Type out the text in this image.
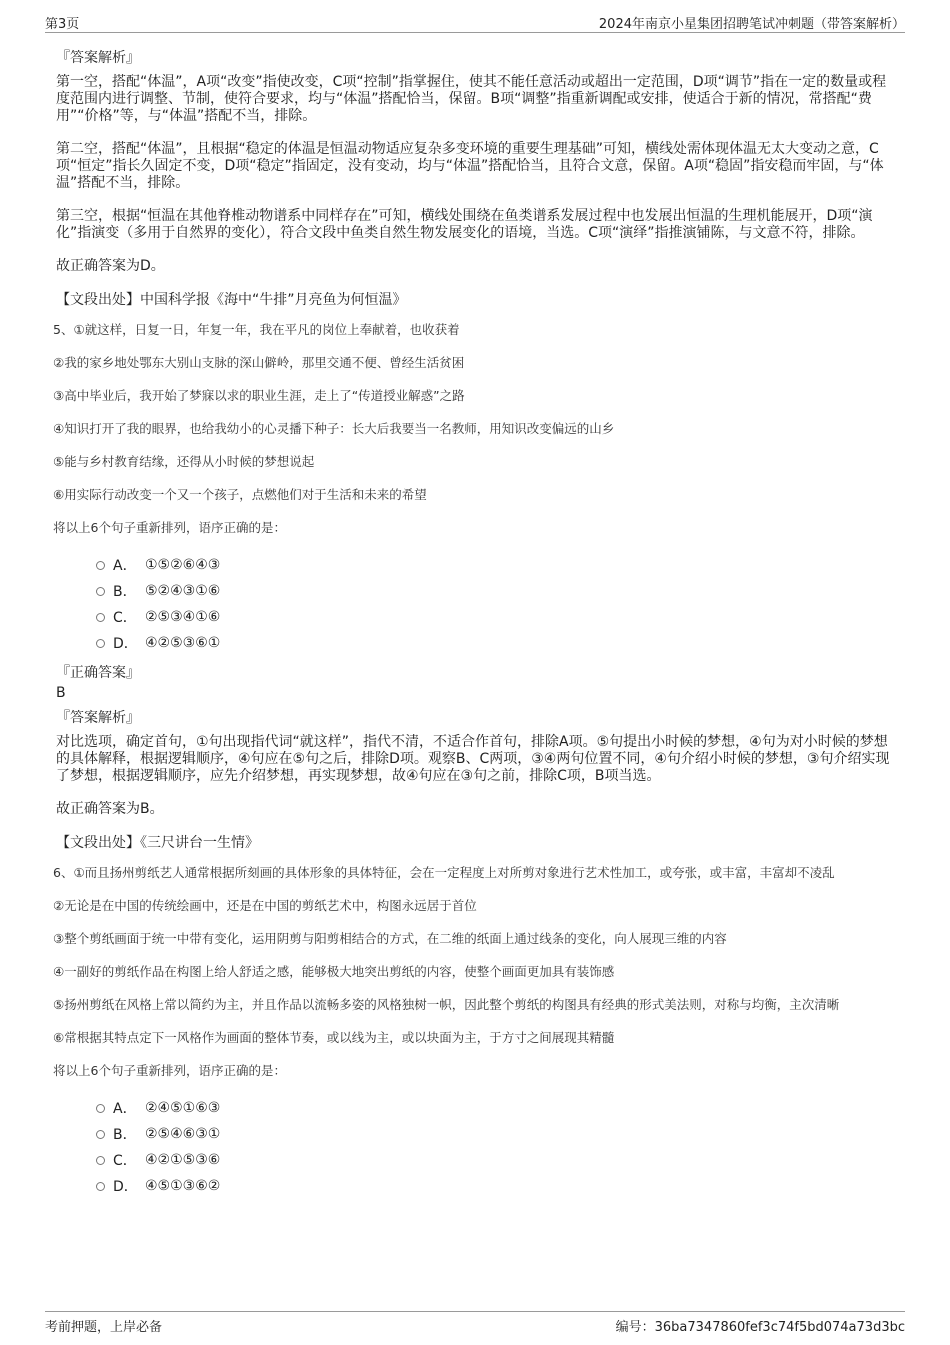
第3页	2024年南京小星集团招聘笔试冲刺题（带答案解析）
『答案解析』

第一空，搭配“体温”，A项“改变”指使改变，C项“控制”指掌握住，使其不能任意活动或超出一定范围，D项“调节”指在一定的数量或程度范围内进行调整、节制，使符合要求，均与“体温”搭配恰当，保留。B项“调整”指重新调配或安排，使适合于新的情况，常搭配“费用”“价格”等，与“体温”搭配不当，排除。

第二空，搭配“体温”，且根据“稳定的体温是恒温动物适应复杂多变环境的重要生理基础”可知，横线处需体现体温无太大变动之意，C项“恒定”指长久固定不变，D项“稳定”指固定，没有变动，均与“体温”搭配恰当，且符合文意，保留。A项“稳固”指安稳而牢固，与“体温”搭配不当，排除。

第三空，根据“恒温在其他脊椎动物谱系中同样存在”可知，横线处围绕在鱼类谱系发展过程中也发展出恒温的生理机能展开，D项“演化”指演变（多用于自然界的变化），符合文段中鱼类自然生物发展变化的语境，当选。C项“演绎”指推演铺陈，与文意不符，排除。

故正确答案为D。

【文段出处】中国科学报《海中“牛排”月亮鱼为何恒温》

5、①就这样，日复一日，年复一年，我在平凡的岗位上奉献着，也收获着

②我的家乡地处鄂东大别山支脉的深山僻岭，那里交通不便、曾经生活贫困

③高中毕业后，我开始了梦寐以求的职业生涯，走上了“传道授业解惑”之路

④知识打开了我的眼界，也给我幼小的心灵播下种子：长大后我要当一名教师，用知识改变偏远的山乡

⑤能与乡村教育结缘，还得从小时候的梦想说起

⑥用实际行动改变一个又一个孩子，点燃他们对于生活和未来的希望

将以上6个句子重新排列，语序正确的是：

A． ①⑤②⑥④③
B． ⑤②④③①⑥
C． ②⑤③④①⑥
D． ④②⑤③⑥①
『正确答案』
B
『答案解析』

对比选项，确定首句，①句出现指代词“就这样”，指代不清，不适合作首句，排除A项。⑤句提出小时候的梦想，④句为对小时候的梦想的具体解释，根据逻辑顺序，④句应在⑤句之后，排除D项。观察B、C两项，③④两句位置不同，④句介绍小时候的梦想，③句介绍实现了梦想，根据逻辑顺序，应先介绍梦想，再实现梦想，故④句应在③句之前，排除C项，B项当选。

故正确答案为B。

【文段出处】《三尺讲台一生情》

6、①而且扬州剪纸艺人通常根据所刻画的具体形象的具体特征，会在一定程度上对所剪对象进行艺术性加工，或夸张，或丰富，丰富却不凌乱

②无论是在中国的传统绘画中，还是在中国的剪纸艺术中，构图永远居于首位

③整个剪纸画面于统一中带有变化，运用阴剪与阳剪相结合的方式，在二维的纸面上通过线条的变化，向人展现三维的内容

④一副好的剪纸作品在构图上给人舒适之感，能够极大地突出剪纸的内容，使整个画面更加具有装饰感

⑤扬州剪纸在风格上常以简约为主，并且作品以流畅多姿的风格独树一帜，因此整个剪纸的构图具有经典的形式美法则，对称与均衡，主次清晰

⑥常根据其特点定下一风格作为画面的整体节奏，或以线为主，或以块面为主，于方寸之间展现其精髓

将以上6个句子重新排列，语序正确的是：

A． ②④⑤①⑥③
B． ②⑤④⑥③①
C． ④②①⑤③⑥
D． ④⑤①③⑥②
考前押题，上岸必备	编号：36ba7347860fef3c74f5bd074a73d3bc
